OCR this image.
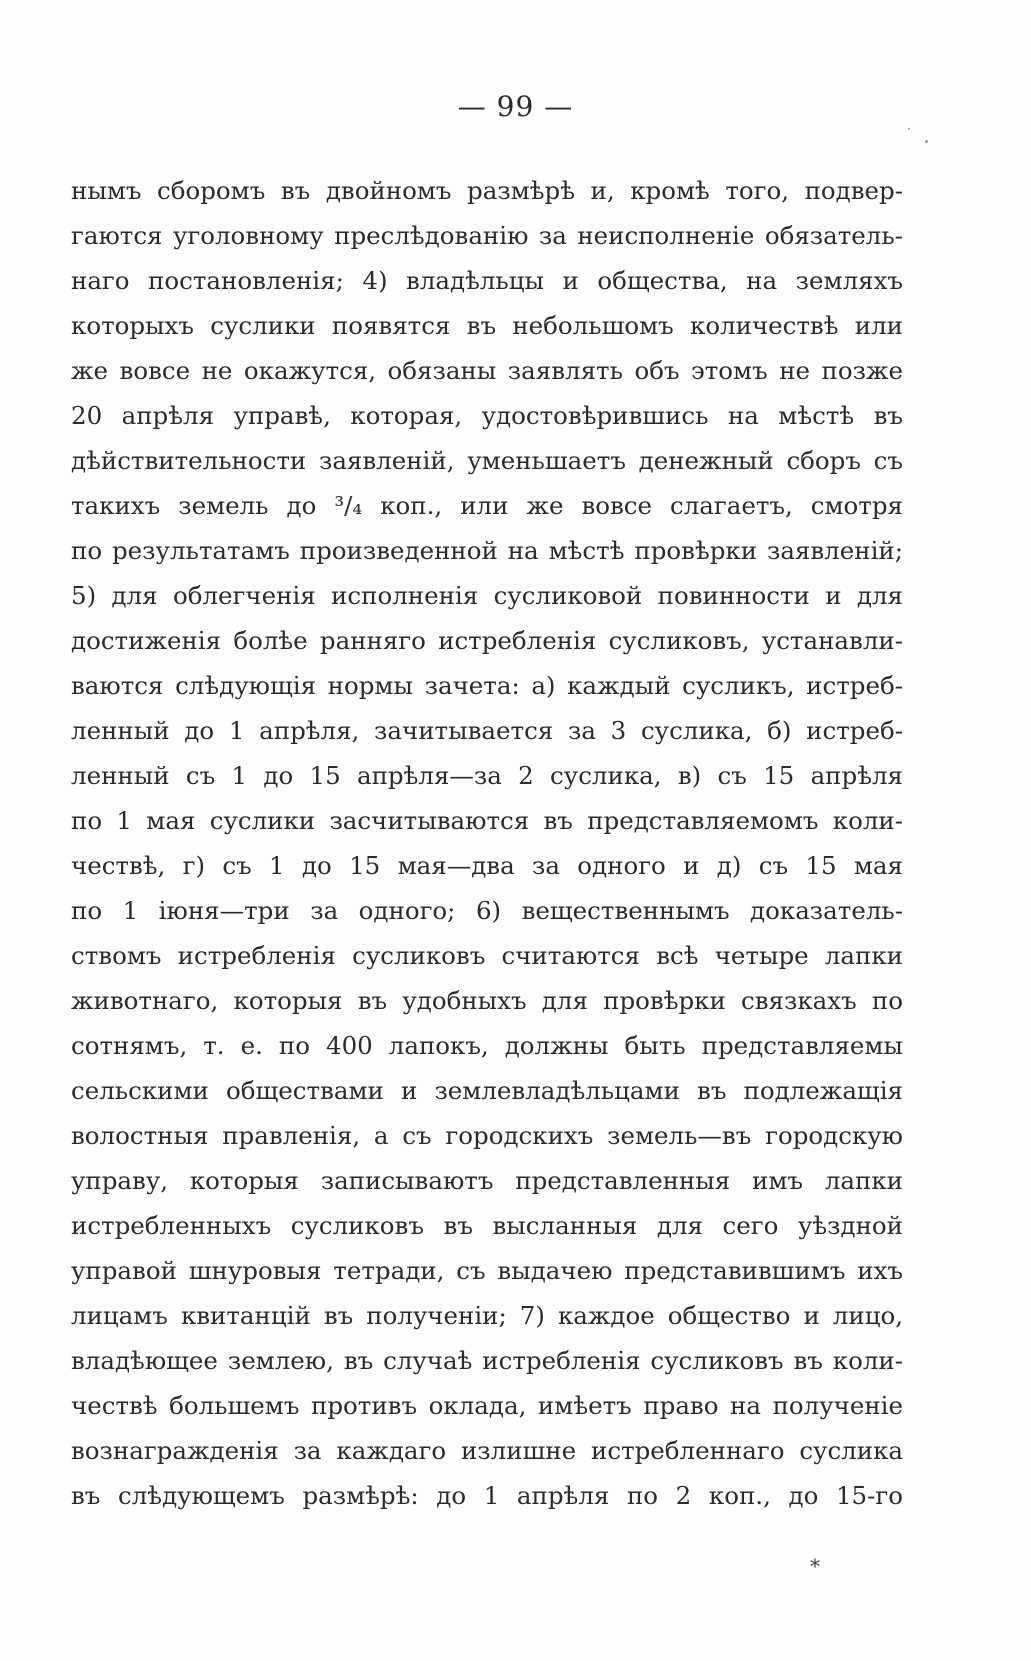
— 99 —
нымъ сборомъ въ двойномъ размѣрѣ и, кромѣ того, подвер-
гаются уголовному преслѣдованію за неисполненіе обязатель-
наго постановленія; 4) владѣльцы и общества, на земляхъ
которыхъ суслики появятся въ небольшомъ количествѣ или
же вовсе не окажутся, обязаны заявлять объ этомъ не позже
20 апрѣля управѣ, которая, удостовѣрившись на мѣстѣ въ
дѣйствительности заявленій, уменьшаетъ денежный сборъ съ
такихъ земель до ³/₄ коп., или же вовсе слагаетъ, смотря
по результатамъ произведенной на мѣстѣ провѣрки заявленій;
5) для облегченія исполненія сусликовой повинности и для
достиженія болѣе ранняго истребленія сусликовъ, устанавли-
ваются слѣдующія нормы зачета: а) каждый сусликъ, истреб-
ленный до 1 апрѣля, зачитывается за 3 суслика, б) истреб-
ленный съ 1 до 15 апрѣля—за 2 суслика, в) съ 15 апрѣля
по 1 мая суслики засчитываются въ представляемомъ коли-
чествѣ, г) съ 1 до 15 мая—два за одного и д) съ 15 мая
по 1 іюня—три за одного; 6) вещественнымъ доказатель-
ствомъ истребленія сусликовъ считаются всѣ четыре лапки
животнаго, которыя въ удобныхъ для провѣрки связкахъ по
сотнямъ, т. е. по 400 лапокъ, должны быть представляемы
сельскими обществами и землевладѣльцами въ подлежащія
волостныя правленія, а съ городскихъ земель—въ городскую
управу, которыя записываютъ представленныя имъ лапки
истребленныхъ сусликовъ въ высланныя для сего уѣздной
управой шнуровыя тетради, съ выдачею представившимъ ихъ
лицамъ квитанцій въ полученіи; 7) каждое общество и лицо,
владѣющее землею, въ случаѣ истребленія сусликовъ въ коли-
чествѣ большемъ противъ оклада, имѣетъ право на полученіе
вознагражденія за каждаго излишне истребленнаго суслика
въ слѣдующемъ размѣрѣ: до 1 апрѣля по 2 коп., до 15-го
*
